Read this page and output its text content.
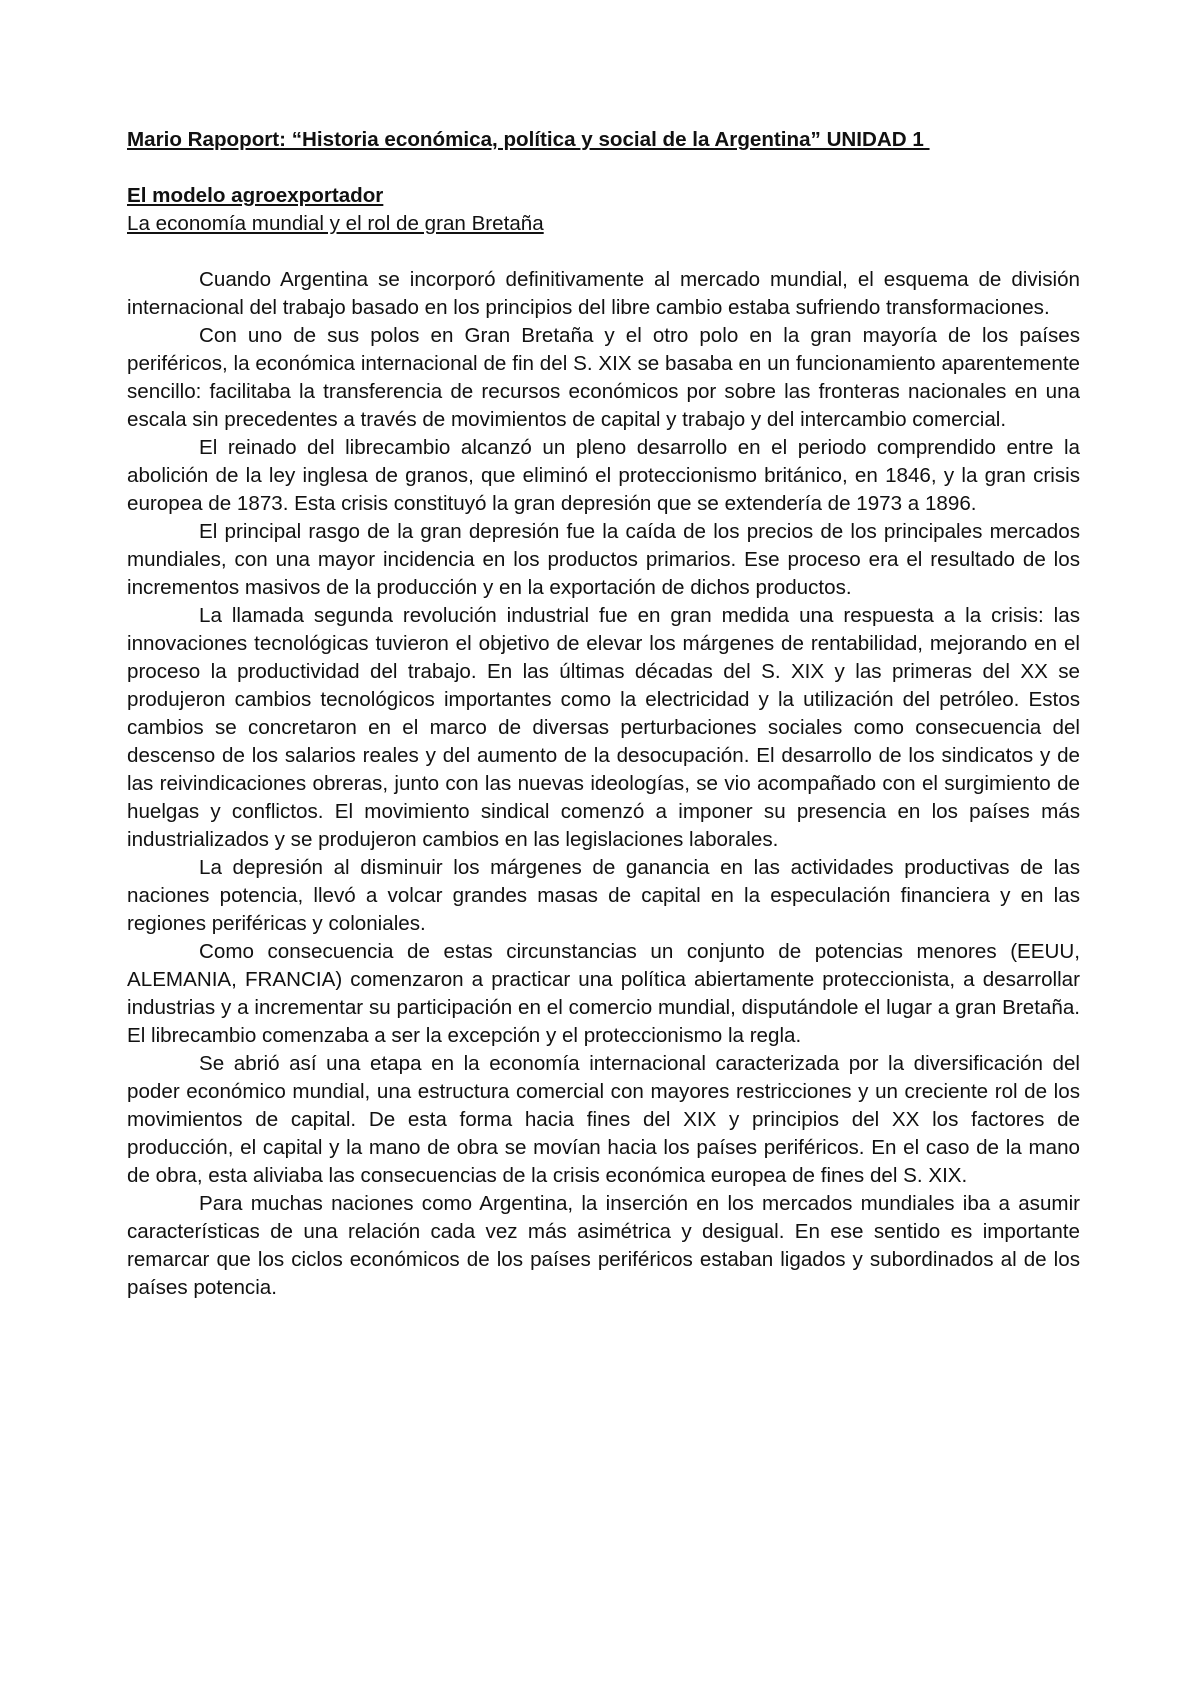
Mario Rapoport: “Historia económica, política y social de la Argentina” UNIDAD 1

El modelo agroexportador

La economía mundial y el rol de gran Bretaña

Cuando Argentina se incorporó definitivamente al mercado mundial, el esquema de división internacional del trabajo basado en los principios del libre cambio estaba sufriendo transformaciones.

Con uno de sus polos en Gran Bretaña y el otro polo en la gran mayoría de los países periféricos, la económica internacional de fin del S. XIX se basaba en un funcionamiento aparentemente sencillo: facilitaba la transferencia de recursos económicos por sobre las fronteras nacionales en una escala sin precedentes a través de movimientos de capital y trabajo y del intercambio comercial.

El reinado del librecambio alcanzó un pleno desarrollo en el periodo comprendido entre la abolición de la ley inglesa de granos, que eliminó el proteccionismo británico, en 1846, y la gran crisis europea de 1873. Esta crisis constituyó la gran depresión que se extendería de 1973 a 1896.

El principal rasgo de la gran depresión fue la caída de los precios de los principales mercados mundiales, con una mayor incidencia en los productos primarios. Ese proceso era el resultado de los incrementos masivos de la producción y en la exportación de dichos productos.

La llamada segunda revolución industrial fue en gran medida una respuesta a la crisis: las innovaciones tecnológicas tuvieron el objetivo de elevar los márgenes de rentabilidad, mejorando en el proceso la productividad del trabajo. En las últimas décadas del S. XIX y las primeras del XX se produjeron cambios tecnológicos importantes como la electricidad y la utilización del petróleo. Estos cambios se concretaron en el marco de diversas perturbaciones sociales como consecuencia del descenso de los salarios reales y del aumento de la desocupación. El desarrollo de los sindicatos y de las reivindicaciones obreras, junto con las nuevas ideologías, se vio acompañado con el surgimiento de huelgas y conflictos. El movimiento sindical comenzó a imponer su presencia en los países más industrializados y se produjeron cambios en las legislaciones laborales.

La depresión al disminuir los márgenes de ganancia en las actividades productivas de las naciones potencia, llevó a volcar grandes masas de capital en la especulación financiera y en las regiones periféricas y coloniales.

Como consecuencia de estas circunstancias un conjunto de potencias menores (EEUU, ALEMANIA, FRANCIA) comenzaron a practicar una política abiertamente proteccionista, a desarrollar industrias y a incrementar su participación en el comercio mundial, disputándole el lugar a gran Bretaña. El librecambio comenzaba a ser la excepción y el proteccionismo la regla.

Se abrió así una etapa en la economía internacional caracterizada por la diversificación del poder económico mundial, una estructura comercial con mayores restricciones y un creciente rol de los movimientos de capital. De esta forma hacia fines del XIX y principios del XX los factores de producción, el capital y la mano de obra se movían hacia los países periféricos. En el caso de la mano de obra, esta aliviaba las consecuencias de la crisis económica europea de fines del S. XIX.

Para muchas naciones como Argentina, la inserción en los mercados mundiales iba a asumir características de una relación cada vez más asimétrica y desigual. En ese sentido es importante remarcar que los ciclos económicos de los países periféricos estaban ligados y subordinados al de los países potencia.
